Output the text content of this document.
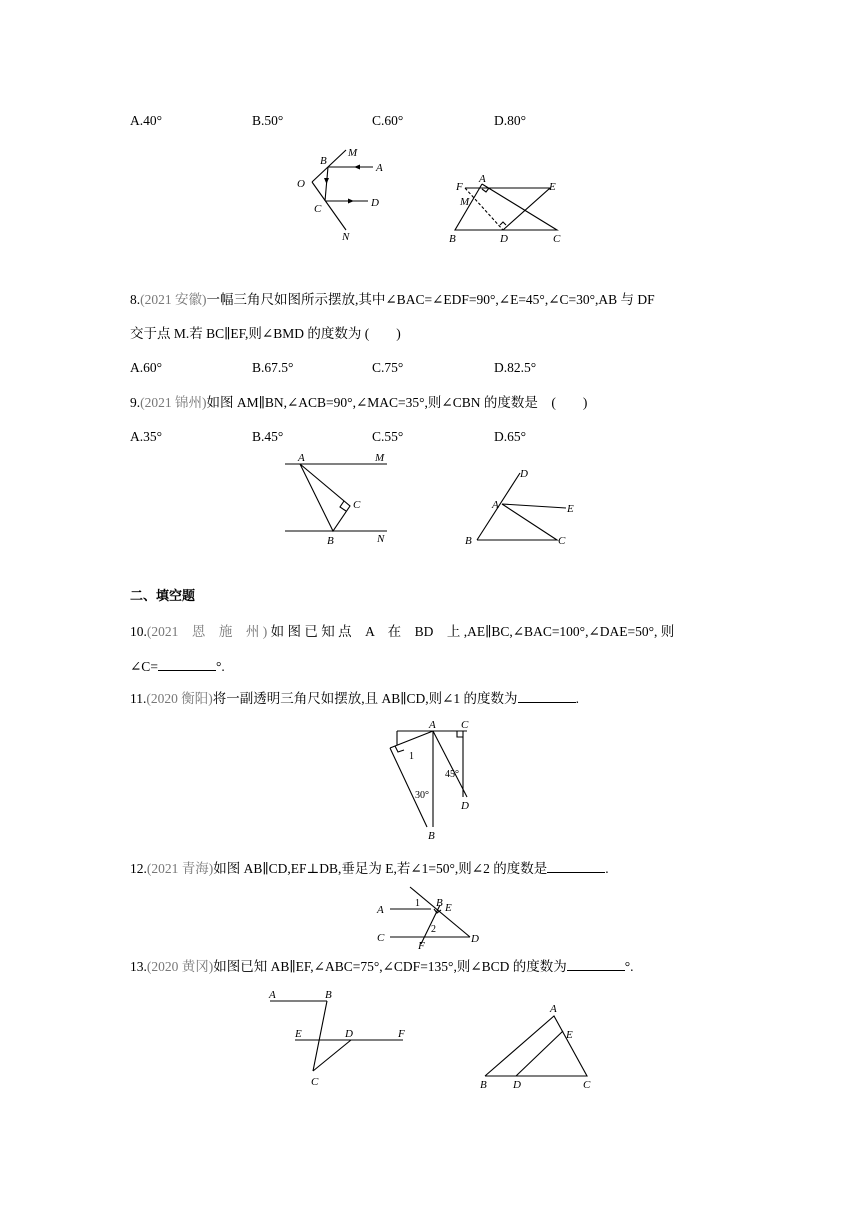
A.40°	B.50°	C.60°	D.80°
B
M
A
O
C	D
N
F
A
E
M
B	D	C
8.(2021 安徽)一幅三角尺如图所示摆放,其中∠BAC=∠EDF=90°,∠E=45°,∠C=30°,AB 与 DF
交于点 M.若 BC∥EF,则∠BMD 的度数为 (　　)
A.60°	B.67.5°	C.75°	D.82.5°
9.(2021 锦州)如图 AM∥BN,∠ACB=90°,∠MAC=35°,则∠CBN 的度数是　(　　)
A.35°	B.45°	C.55°	D.65°
A	M
C
B	N
D
A	E
B	C
二、填空题
10.(2021　恩　施　州 ) 如 图 已 知 点　A　在　BD　上 ,AE∥BC,∠BAC=100°,∠DAE=50°, 则
∠C=	°.
11.(2020 衡阳)将一副透明三角尺如摆放,且 AB∥CD,则∠1 的度数为	.
A C
1
45°
30°
D
B
12.(2021 青海)如图 AB∥CD,EF⊥DB,垂足为 E,若∠1=50°,则∠2 的度数是	.
A
1 B E
2
C
F
D
13.(2020 黄冈)如图已知 AB∥EF,∠ABC=75°,∠CDF=135°,则∠BCD 的度数为	°.
A	B
E	D	F
C
A
E
B D	C
